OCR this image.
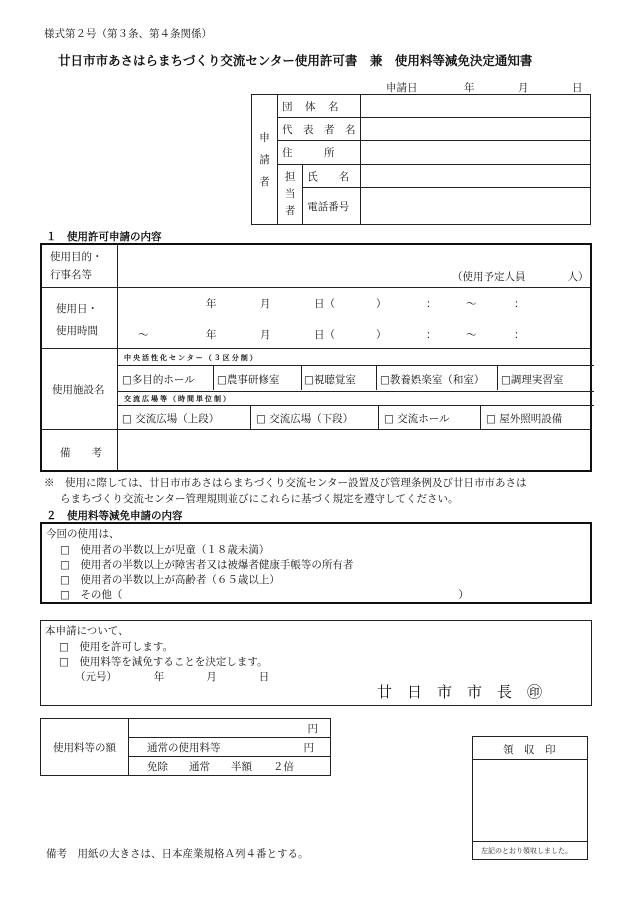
様式第２号（第３条、第４条関係）
廿日市市あさはらまちづくり交流センター使用許可書　兼　使用料等減免決定通知書
申請日	年	月	日
申請者	団　体　名		
	代　表　者　名		
	住　　　所		
	担当者	氏　　名	
		電話番号	
１　使用許可申請の内容
使用目的・
行事名等	（使用予定人員　　　　人）
使用日・
使用時間
年	月	日（	）	：	～	：
～	年	月	日（	）	：	～	：
使用施設名
中央活性化センター（３区分制）
□多目的ホール □農事研修室 □視聴覚室 □教養娯楽室（和室） □調理実習室
交流広場等（時間単位制）
□ 交流広場（上段）	□ 交流広場（下段）	□ 交流ホール	□ 屋外照明設備
備　　考
※　使用に際しては、廿日市市あさはらまちづくり交流センター設置及び管理条例及び廿日市市あさは
らまちづくり交流センター管理規則並びにこれらに基づく規定を遵守してください。
２　使用料等減免申請の内容
今回の使用は、
□　使用者の半数以上が児童（１８歳未満）
□　使用者の半数以上が障害者又は被爆者健康手帳等の所有者
□　使用者の半数以上が高齢者（６５歳以上）
□　その他（　　　　　　　　　　　　　　　　　　　　　　　　　　　　　　　　）
本申請について、
□　使用を許可します。
□　使用料等を減免することを決定します。
（元号）　　　　年　　　　月　　　　日
廿　日　市　市　長　㊞
使用料等の額	円
通常の使用料等	円

免除　　通常　　半額　　２倍
領　収　印
左記のとおり領収しました。
備考　用紙の大きさは、日本産業規格Ａ列４番とする。
